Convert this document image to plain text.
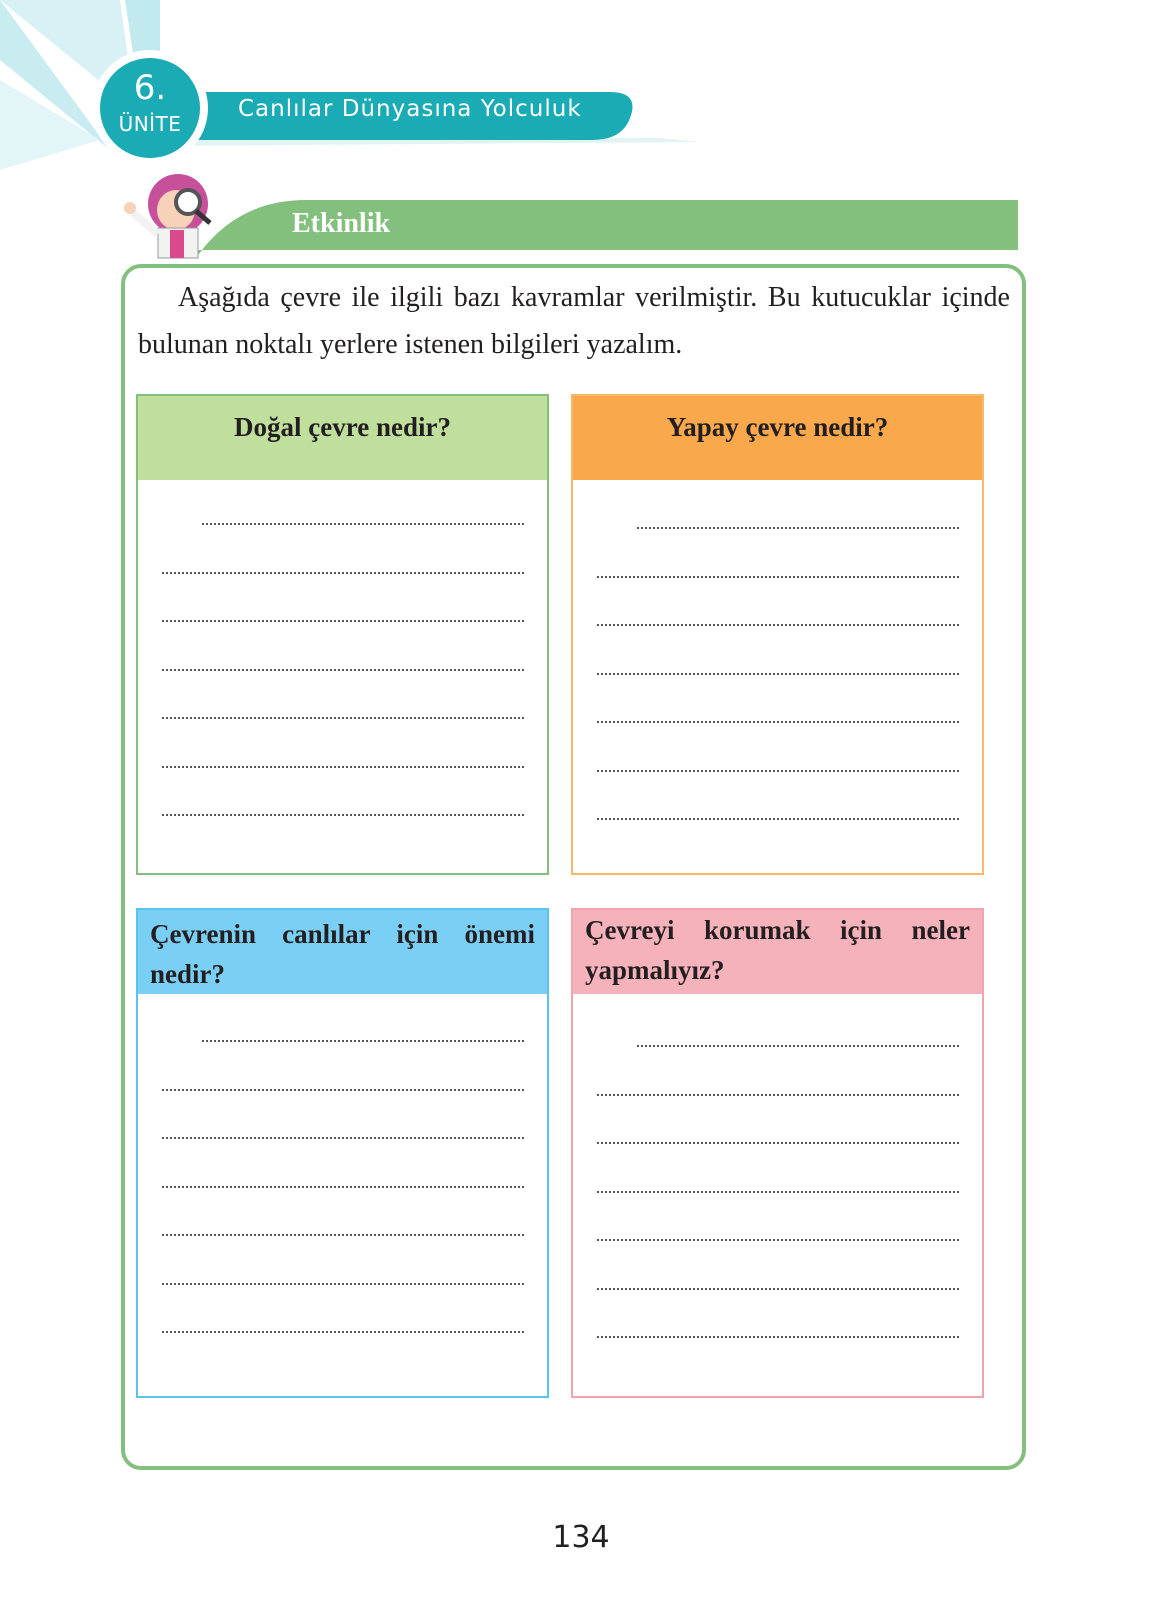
6.
ÜNİTE
Canlılar Dünyasına Yolculuk
Etkinlik

Aşağıda çevre ile ilgili bazı kavramlar verilmiştir. Bu kutucuklar içinde bulunan noktalı yerlere istenen bilgileri yazalım.

Doğal çevre nedir?	Yapay çevre nedir?
Çevrenin canlılar için önemi nedir?
Çevreyi korumak için neler yapmalıyız?
134
